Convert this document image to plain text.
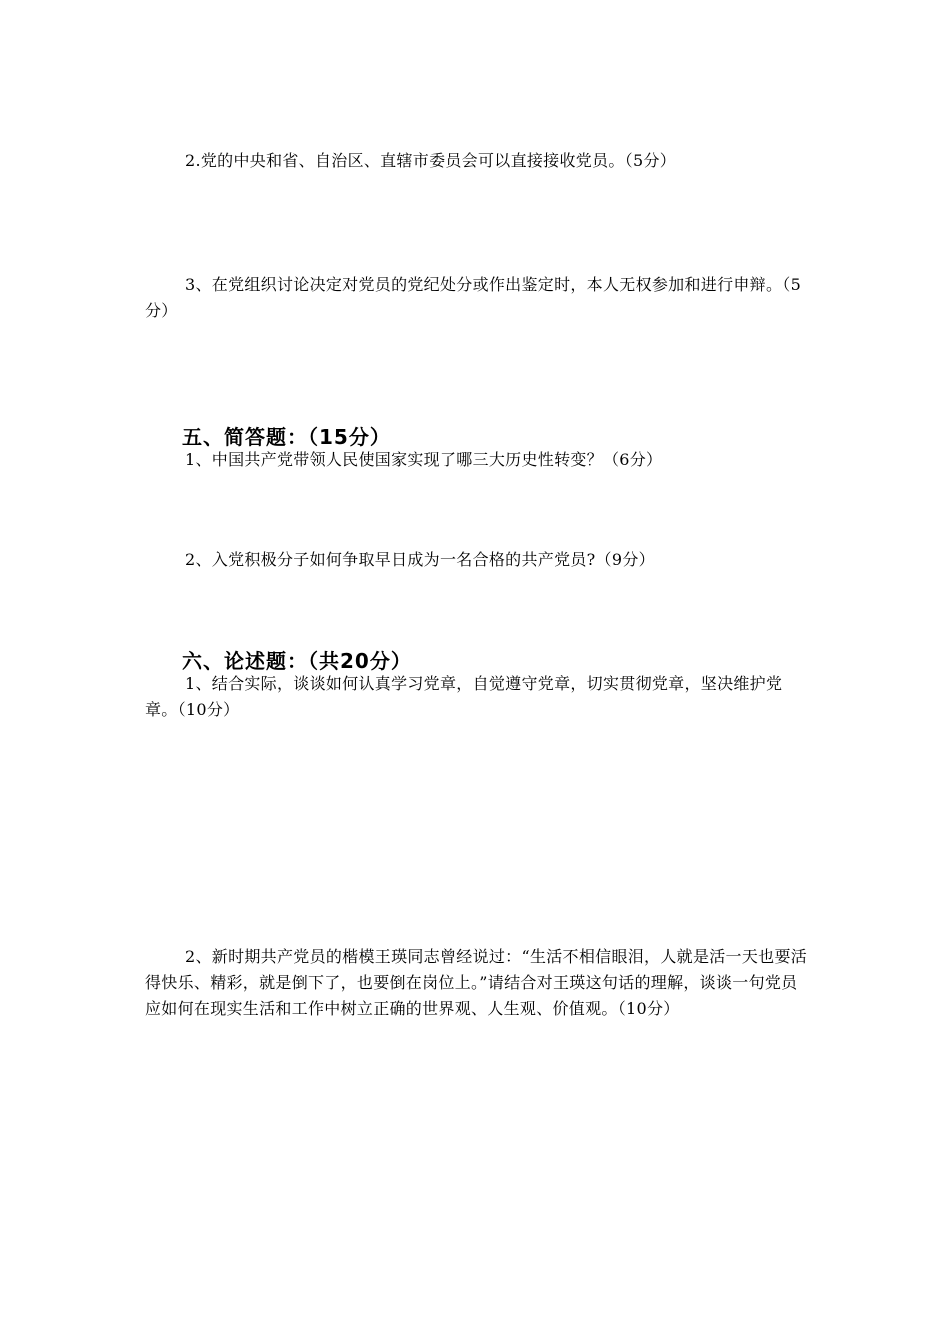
2.党的中央和省、自治区、直辖市委员会可以直接接收党员。（5分）

3、在党组织讨论决定对党员的党纪处分或作出鉴定时，本人无权参加和进行申辩。（5分）

五、简答题：（15分）

1、中国共产党带领人民使国家实现了哪三大历史性转变？（6分）

2、入党积极分子如何争取早日成为一名合格的共产党员?（9分）

六、论述题：（共20分）

1、结合实际，谈谈如何认真学习党章，自觉遵守党章，切实贯彻党章，坚决维护党章。（10分）

2、新时期共产党员的楷模王瑛同志曾经说过：“生活不相信眼泪，人就是活一天也要活得快乐、精彩，就是倒下了，也要倒在岗位上。”请结合对王瑛这句话的理解，谈谈一句党员应如何在现实生活和工作中树立正确的世界观、人生观、价值观。（10分）
